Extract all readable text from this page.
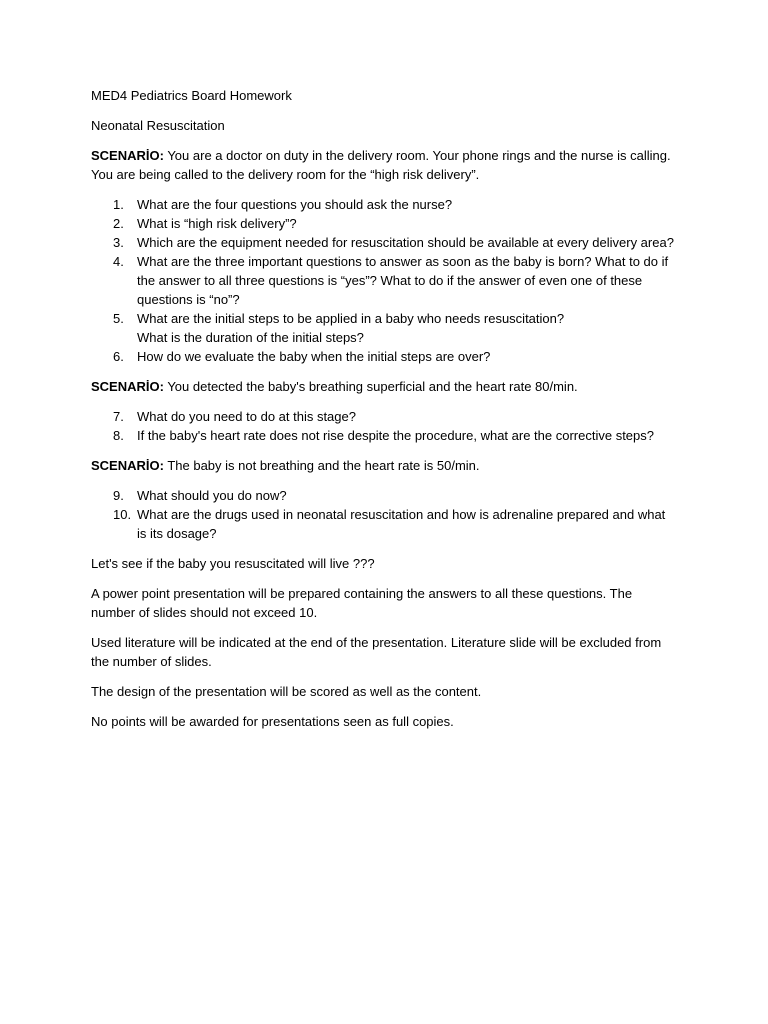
MED4 Pediatrics Board Homework

Neonatal Resuscitation

SCENARİO: You are a doctor on duty in the delivery room. Your phone rings and the nurse is calling. You are being called to the delivery room for the “high risk delivery”.

1.	What are the four questions you should ask the nurse?
2.	What is “high risk delivery”?
3.	Which are the equipment needed for resuscitation should be available at every delivery area?
4.	What are the three important questions to answer as soon as the baby is born? What to do if the answer to all three questions is “yes”? What to do if the answer of even one of these questions is “no”?
5.	What are the initial steps to be applied in a baby who needs resuscitation?
What is the duration of the initial steps?
6.	How do we evaluate the baby when the initial steps are over?

SCENARİO: You detected the baby's breathing superficial and the heart rate 80/min.

7.	What do you need to do at this stage?
8.	If the baby's heart rate does not rise despite the procedure, what are the corrective steps?

SCENARİO: The baby is not breathing and the heart rate is 50/min.

9.	What should you do now?
10. What are the drugs used in neonatal resuscitation and how is adrenaline prepared and what is its dosage?

Let's see if the baby you resuscitated will live ???

A power point presentation will be prepared containing the answers to all these questions. The number of slides should not exceed 10.

Used literature will be indicated at the end of the presentation. Literature slide will be excluded from the number of slides.

The design of the presentation will be scored as well as the content.

No points will be awarded for presentations seen as full copies.
